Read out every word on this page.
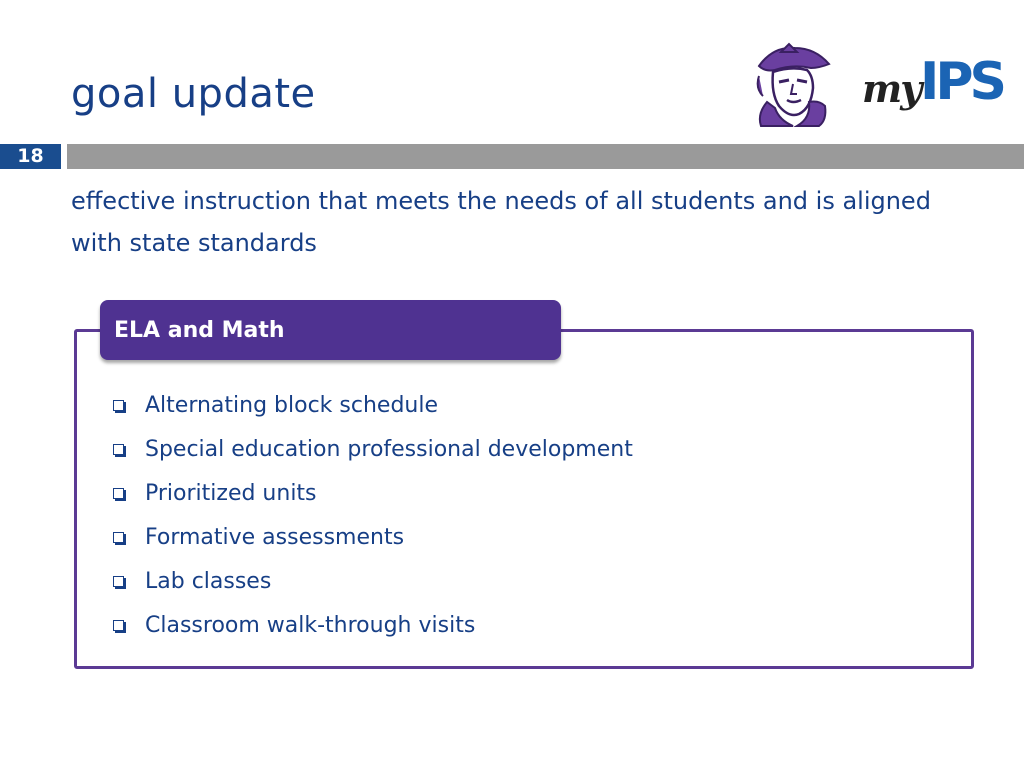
goal update	my IPS
18
effective instruction that meets the needs of all students and is aligned with state standards
ELA and Math
Alternating block schedule
Special education professional development
Prioritized units
Formative assessments
Lab classes
Classroom walk-through visits
